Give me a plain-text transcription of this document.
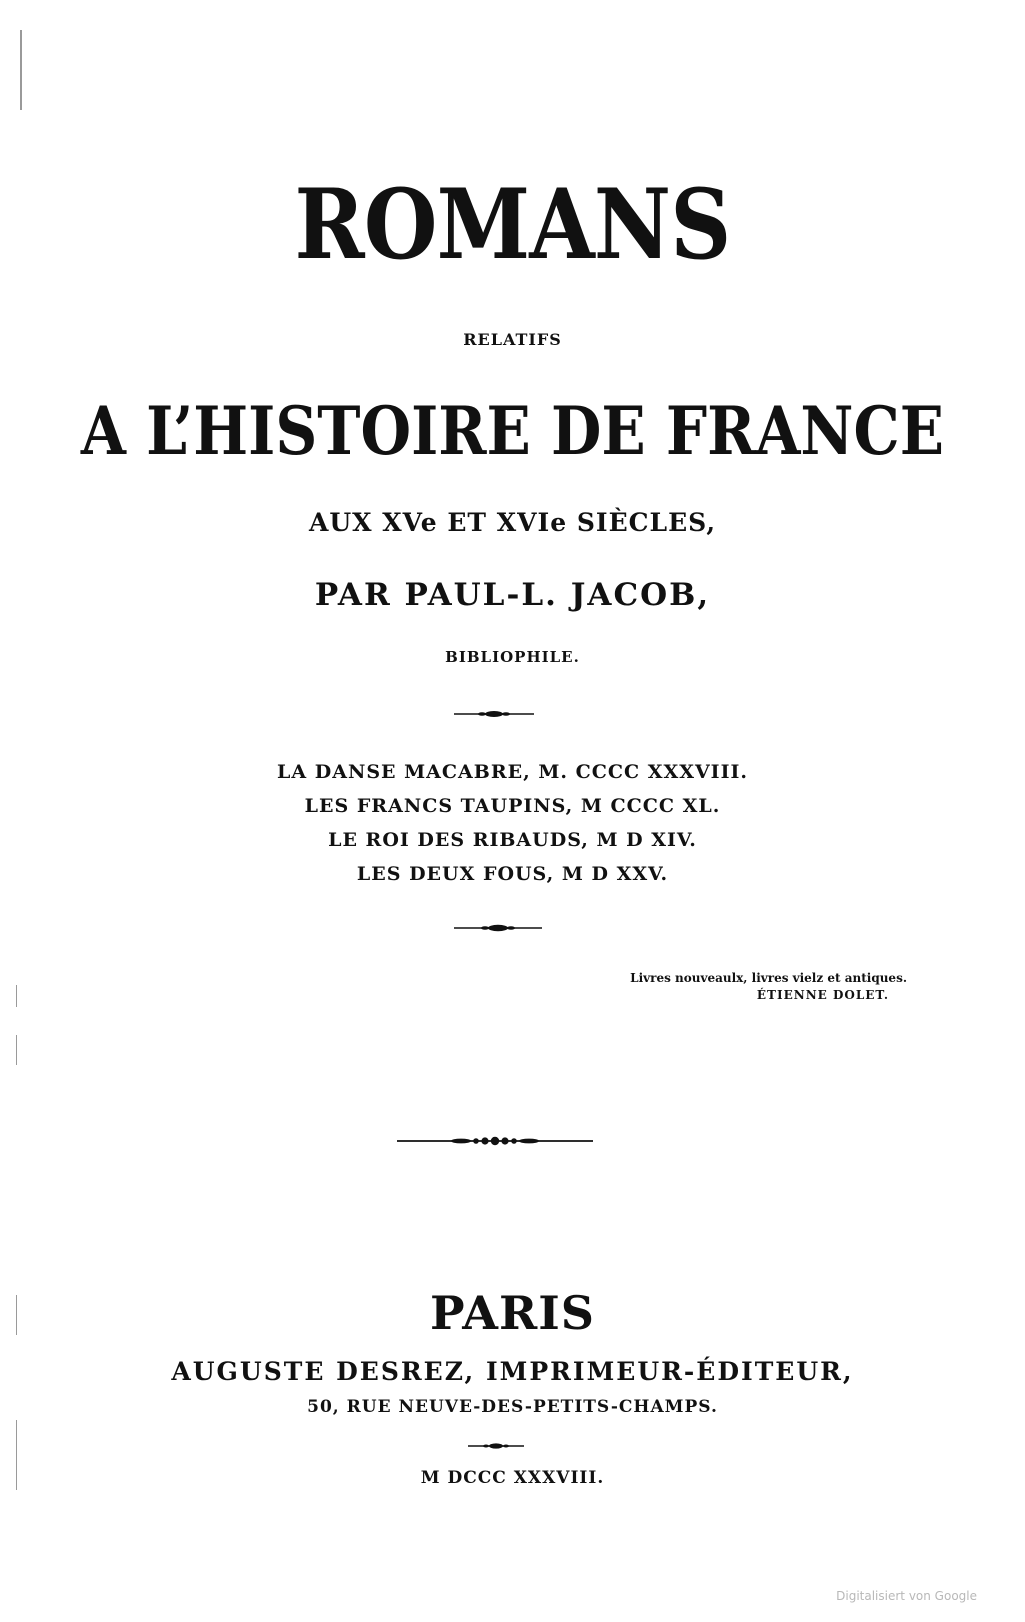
ROMANS
RELATIFS
A L’HISTOIRE DE FRANCE
AUX XVe ET XVIe SIÈCLES,
PAR PAUL-L. JACOB,
BIBLIOPHILE.
LA DANSE MACABRE, M. CCCC XXXVIII.
LES FRANCS TAUPINS, M CCCC XL.
LE ROI DES RIBAUDS, M D XIV.
LES DEUX FOUS, M D XXV.
Livres nouveaulx, livres vielz et antiques.
ÉTIENNE DOLET.
PARIS
AUGUSTE DESREZ, IMPRIMEUR-ÉDITEUR,
50, RUE NEUVE-DES-PETITS-CHAMPS.
M DCCC XXXVIII.
Digitalisiert von Google
